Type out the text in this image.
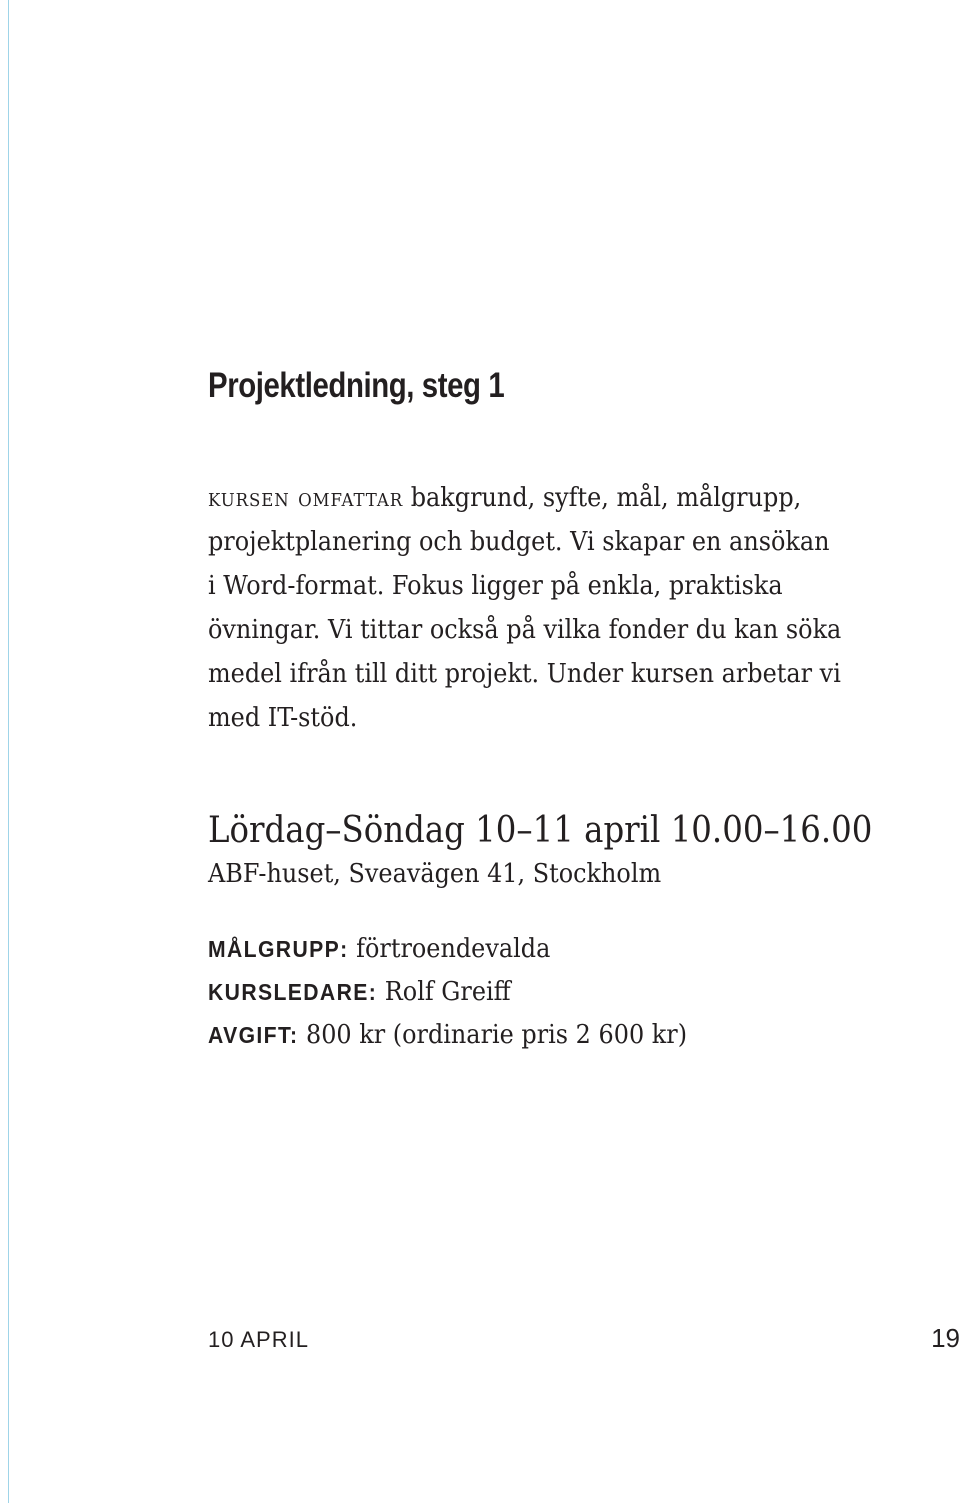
Projektledning, steg 1

kursen omfattar bakgrund, syfte, mål, målgrupp,
projektplanering och budget. Vi skapar en ansökan
i Word-format. Fokus ligger på enkla, praktiska
övningar. Vi tittar också på vilka fonder du kan söka
medel ifrån till ditt projekt. Under kursen arbetar vi
med IT-stöd.

Lördag–Söndag 10–11 april 10.00–16.00

ABF-huset, Sveavägen 41, Stockholm

MÅLGRUPP: förtroendevalda
KURSLEDARE: Rolf Greiff
AVGIFT: 800 kr (ordinarie pris 2 600 kr)
10 APRIL	19
